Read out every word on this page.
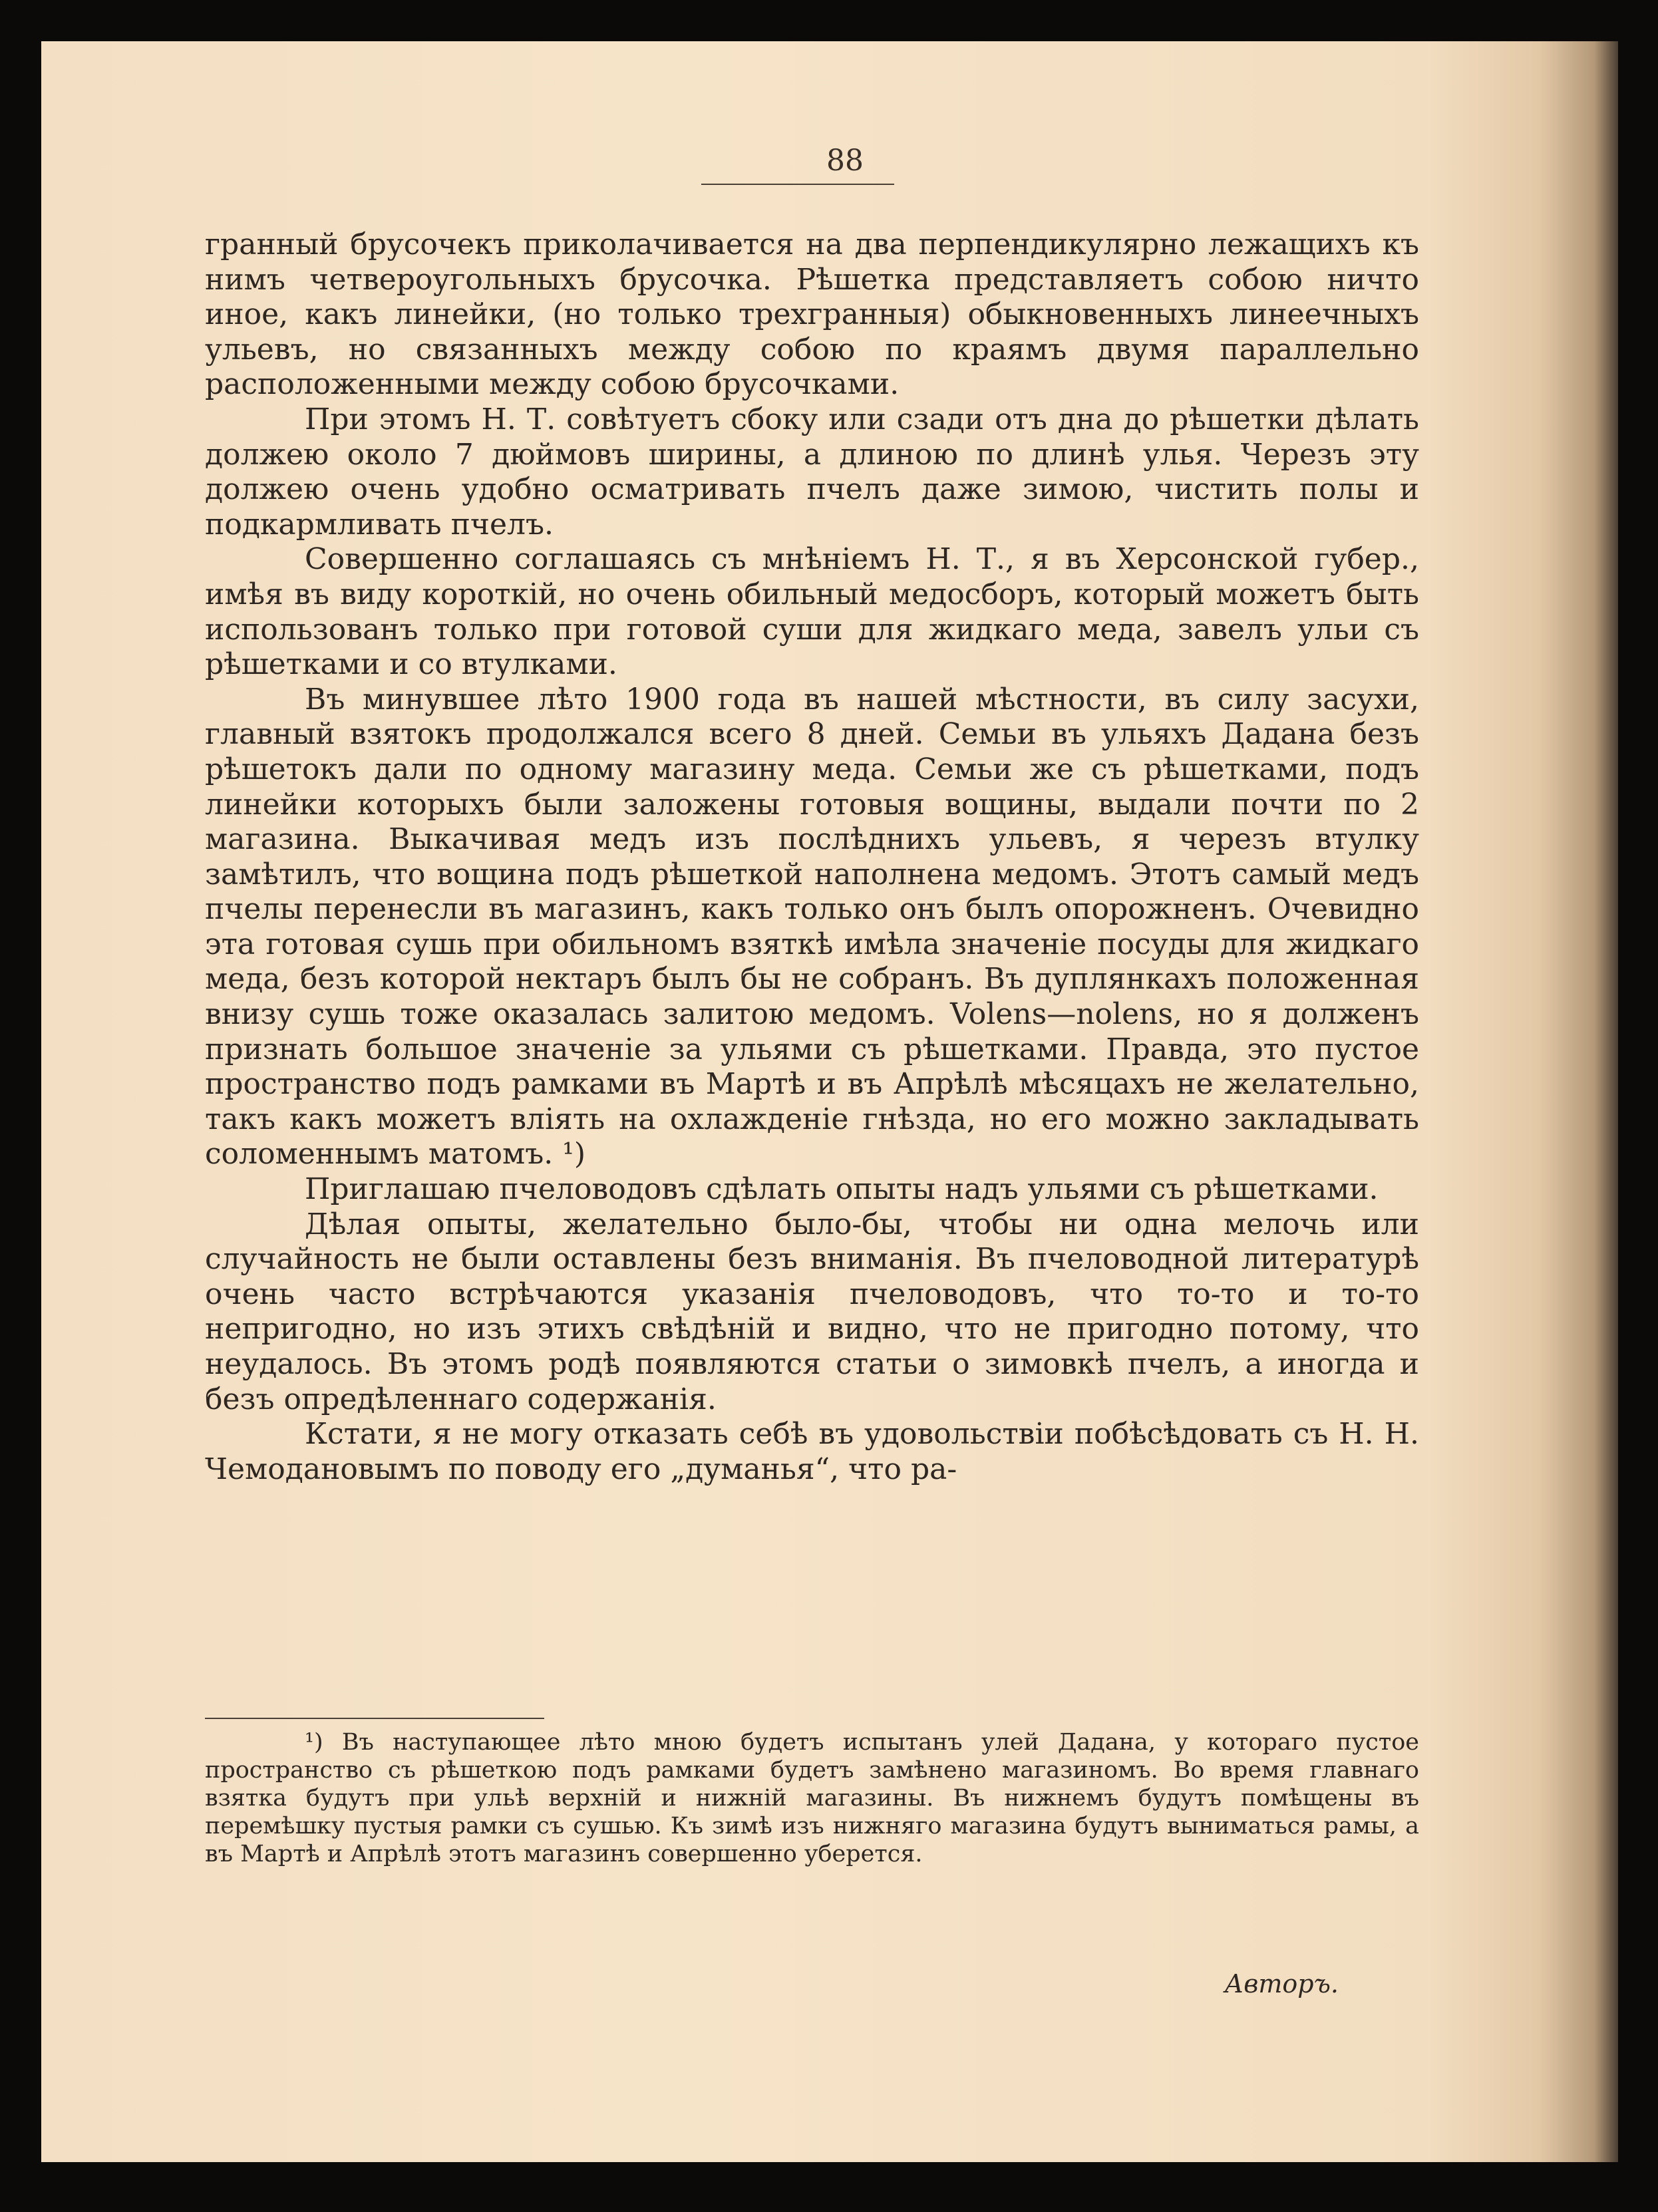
88

гранный брусочекъ приколачивается на два перпендикулярно лежащихъ къ нимъ четвероугольныхъ брусочка. Рѣшетка представляетъ собою ничто иное, какъ линейки, (но только трехгранныя) обыкновенныхъ линеечныхъ ульевъ, но связанныхъ между собою по краямъ двумя параллельно расположенными между собою брусочками.

При этомъ Н. Т. совѣтуетъ сбоку или сзади отъ дна до рѣшетки дѣлать должею около 7 дюймовъ ширины, а длиною по длинѣ улья. Черезъ эту должею очень удобно осматривать пчелъ даже зимою, чистить полы и подкармливать пчелъ.

Совершенно соглашаясь съ мнѣніемъ Н. Т., я въ Херсонской губер., имѣя въ виду короткій, но очень обильный медосборъ, который можетъ быть использованъ только при готовой суши для жидкаго меда, завелъ ульи съ рѣшетками и со втулками.

Въ минувшее лѣто 1900 года въ нашей мѣстности, въ силу засухи, главный взятокъ продолжался всего 8 дней. Семьи въ ульяхъ Дадана безъ рѣшетокъ дали по одному магазину меда. Семьи же съ рѣшетками, подъ линейки которыхъ были заложены готовыя вощины, выдали почти по 2 магазина. Выкачивая медъ изъ послѣднихъ ульевъ, я черезъ втулку замѣтилъ, что вощина подъ рѣшеткой наполнена медомъ. Этотъ самый медъ пчелы перенесли въ магазинъ, какъ только онъ былъ опорожненъ. Очевидно эта готовая сушь при обильномъ взяткѣ имѣла значеніе посуды для жидкаго меда, безъ которой нектаръ былъ бы не собранъ. Въ дуплянкахъ положенная внизу сушь тоже оказалась залитою медомъ. Volens—nolens, но я долженъ признать большое значеніе за ульями съ рѣшетками. Правда, это пустое пространство подъ рамками въ Мартѣ и въ Апрѣлѣ мѣсяцахъ не желательно, такъ какъ можетъ вліять на охлажденіе гнѣзда, но его можно закладывать соломеннымъ матомъ. ¹)

Приглашаю пчеловодовъ сдѣлать опыты надъ ульями съ рѣшетками.

Дѣлая опыты, желательно было-бы, чтобы ни одна мелочь или случайность не были оставлены безъ вниманія. Въ пчеловодной литературѣ очень часто встрѣчаются указанія пчеловодовъ, что то-то и то-то непригодно, но изъ этихъ свѣдѣній и видно, что не пригодно потому, что неудалось. Въ этомъ родѣ появляются статьи о зимовкѣ пчелъ, а иногда и безъ опредѣленнаго содержанія.

Кстати, я не могу отказать себѣ въ удовольствіи побѣсѣдовать съ Н. Н. Чемодановымъ по поводу его „думанья“, что ра-

¹) Въ наступающее лѣто мною будетъ испытанъ улей Дадана, у котораго пустое пространство съ рѣшеткою подъ рамками будетъ замѣнено магазиномъ. Во время главнаго взятка будутъ при ульѣ верхній и нижній магазины. Въ нижнемъ будутъ помѣщены въ перемѣшку пустыя рамки съ сушью. Къ зимѣ изъ нижняго магазина будутъ выниматься рамы, а въ Мартѣ и Апрѣлѣ этотъ магазинъ совершенно уберется.

Авторъ.
